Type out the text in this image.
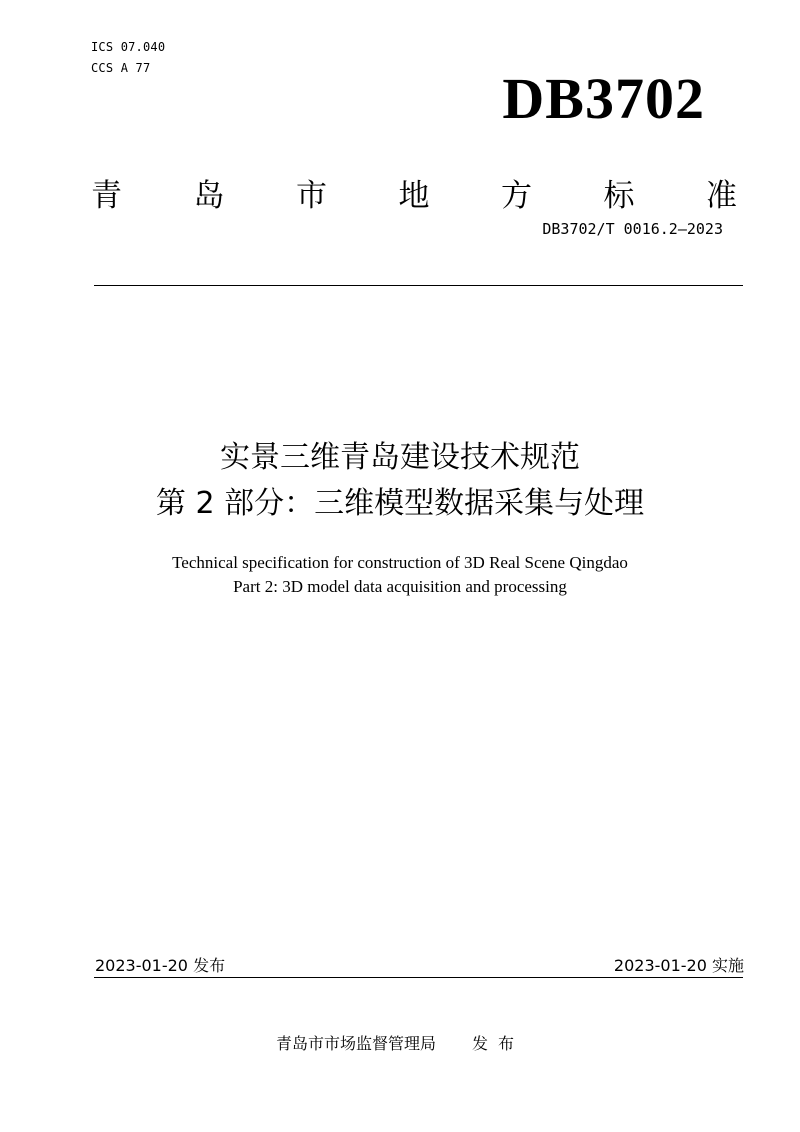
ICS 07.040
CCS A 77	DB3702
青 岛 市 地 方 标 准
DB3702/T 0016.2—2023
实景三维青岛建设技术规范
第 2 部分：三维模型数据采集与处理
Technical specification for construction of 3D Real Scene Qingdao
Part 2: 3D model data acquisition and processing
2023-01-20 发布	2023-01-20 实施
青岛市市场监督管理局 发布
